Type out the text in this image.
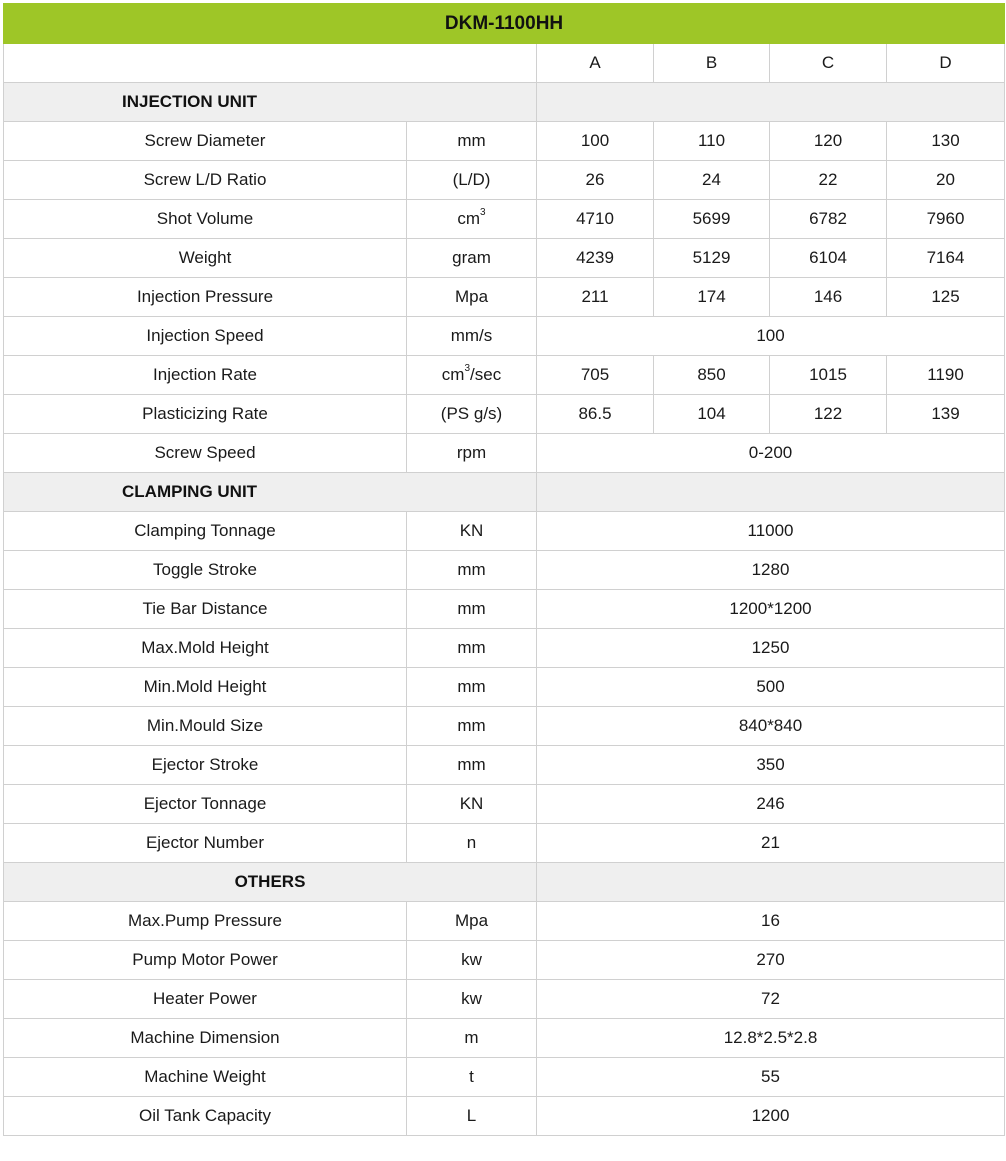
DKM-1100HH					
		A	B	C	D
INJECTION UNIT					
Screw Diameter	mm	100	110	120	130
Screw L/D Ratio	(L/D)	26	24	22	20
Shot Volume	$cm^3$	4710	5699	6782	7960
Weight	gram	4239	5129	6104	7164
Injection Pressure	Mpa	211	174	146	125
Injection Speed	mm/s	100			
Injection Rate	$cm^3/\sec$	705	850	1015	1190
Plasticizing Rate	(PS g/s)	86.5	104	122	139
Screw Speed	rpm	0-200			
CLAMPING UNIT					
Clamping Tonnage	KN	11000			
Toggle Stroke	mm	1280			
Tie Bar Distance	mm	1200*1200			
Max.Mold Height	mm	1250			
Min.Mold Height	mm	500			
Min.Mould Size	mm	840*840			
Ejector Stroke	mm	350			
Ejector Tonnage	KN	246			
Ejector Number	n	21			
OTHERS					
Max.Pump Pressure	Mpa	16			
Pump Motor Power	kw	270			
Heater Power	kw	72			
Machine Dimension	m	12.8*2.5*2.8			
Machine Weight	t	55			
Oil Tank Capacity	L	1200			
